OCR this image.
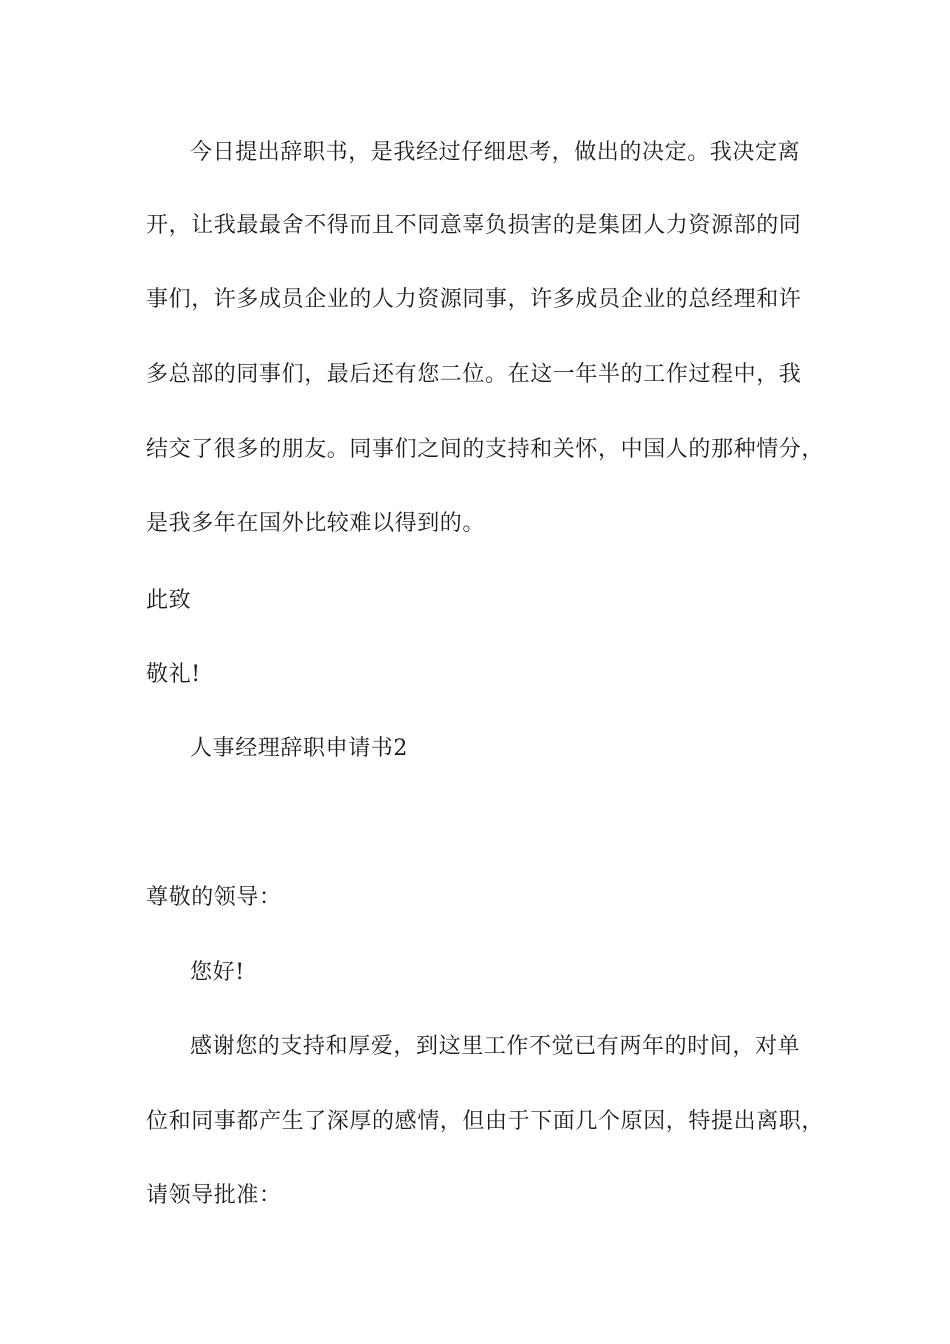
今日提出辞职书，是我经过仔细思考，做出的决定。我决定离
开，让我最最舍不得而且不同意辜负损害的是集团人力资源部的同
事们，许多成员企业的人力资源同事，许多成员企业的总经理和许
多总部的同事们，最后还有您二位。在这一年半的工作过程中，我
结交了很多的朋友。同事们之间的支持和关怀，中国人的那种情分，
是我多年在国外比较难以得到的。
此致
敬礼!
人事经理辞职申请书2
尊敬的领导：
您好!
感谢您的支持和厚爱，到这里工作不觉已有两年的时间，对单
位和同事都产生了深厚的感情，但由于下面几个原因，特提出离职，
请领导批准：
